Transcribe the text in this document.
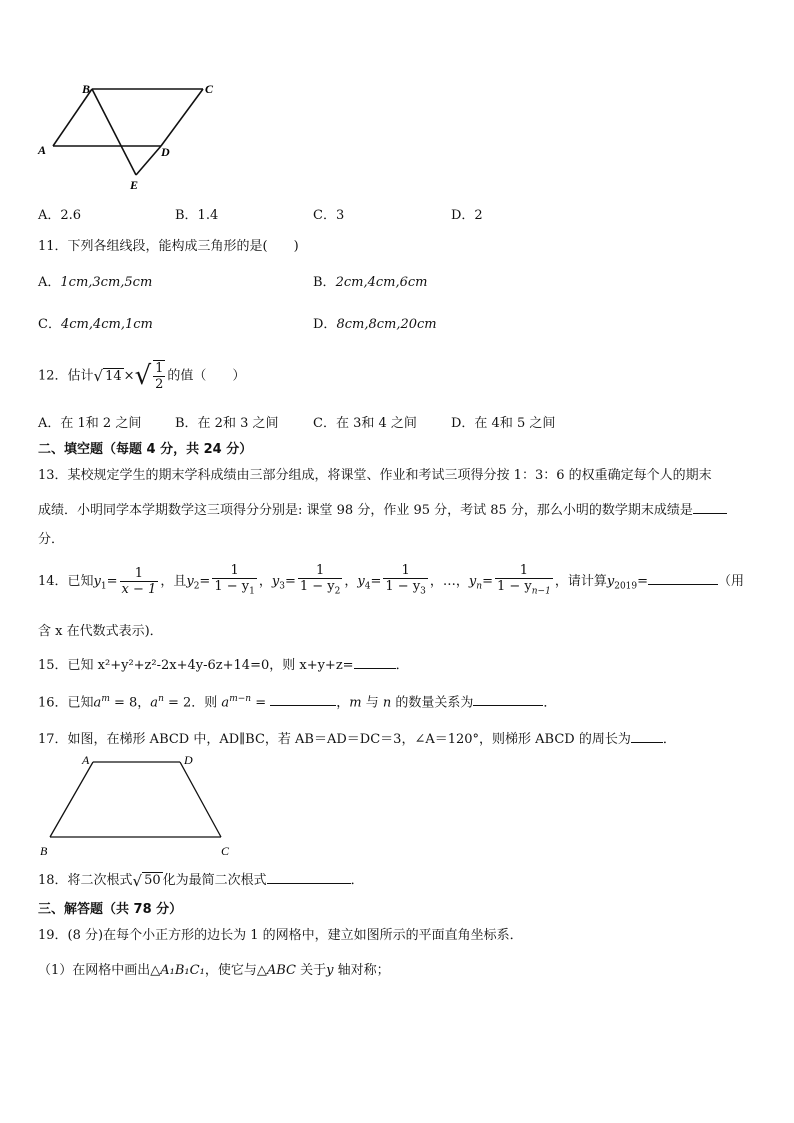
B	C
A	D
E
A．2.6	B．1.4	C．3	D．2
11．下列各组线段，能构成三角形的是(　　)
A．1cm,3cm,5cm	B．2cm,4cm,6cm
C．4cm,4cm,1cm	D．8cm,8cm,20cm
12．估计√ 14 ×√ $\frac{1}{2}$ 的值（　　）
A．在 1和 2 之间	B．在 2和 3 之间	C．在 3和 4 之间	D．在 4和 5 之间
二、填空题（每题 4 分，共 24 分）
13．某校规定学生的期末学科成绩由三部分组成，将课堂、作业和考试三项得分按 1：3：6 的权重确定每个人的期末
成绩．小明同学本学期数学这三项得分分别是: 课堂 98 分，作业 95 分，考试 85 分，那么小明的数学期末成绩是
分．
14．已知$y_1= \frac{1}{x - 1}$ ，且$y_2= \frac{1}{1 - y_1}$ ，$y_3= \frac{1}{1 - y_2}$ ，$y_4= \frac{1}{1 - y_3}$ ，…，$y_n= \frac{1}{1 - y_{n-1}}$ ，请计算$y_{2019}=$	（用
含 x 在代数式表示)．
15．已知 x²+y²+z²-2x+4y-6z+14=0，则 x+y+z=	．
16．已知$a^m = 8$，$a^n = 2$．则 $a^{m-n}$ =	，m 与 n 的数量关系为	．
17．如图，在梯形 ABCD 中，AD∥BC，若 AB＝AD＝DC＝3，∠A＝120°，则梯形 ABCD 的周长为 ．
A	D
B	C
18．将二次根式√ 50 化为最简二次根式	．
三、解答题（共 78 分）
19．(8 分)在每个小正方形的边长为 1 的网格中，建立如图所示的平面直角坐标系．
（1）在网格中画出△A₁B₁C₁，使它与△ABC 关于y 轴对称；
